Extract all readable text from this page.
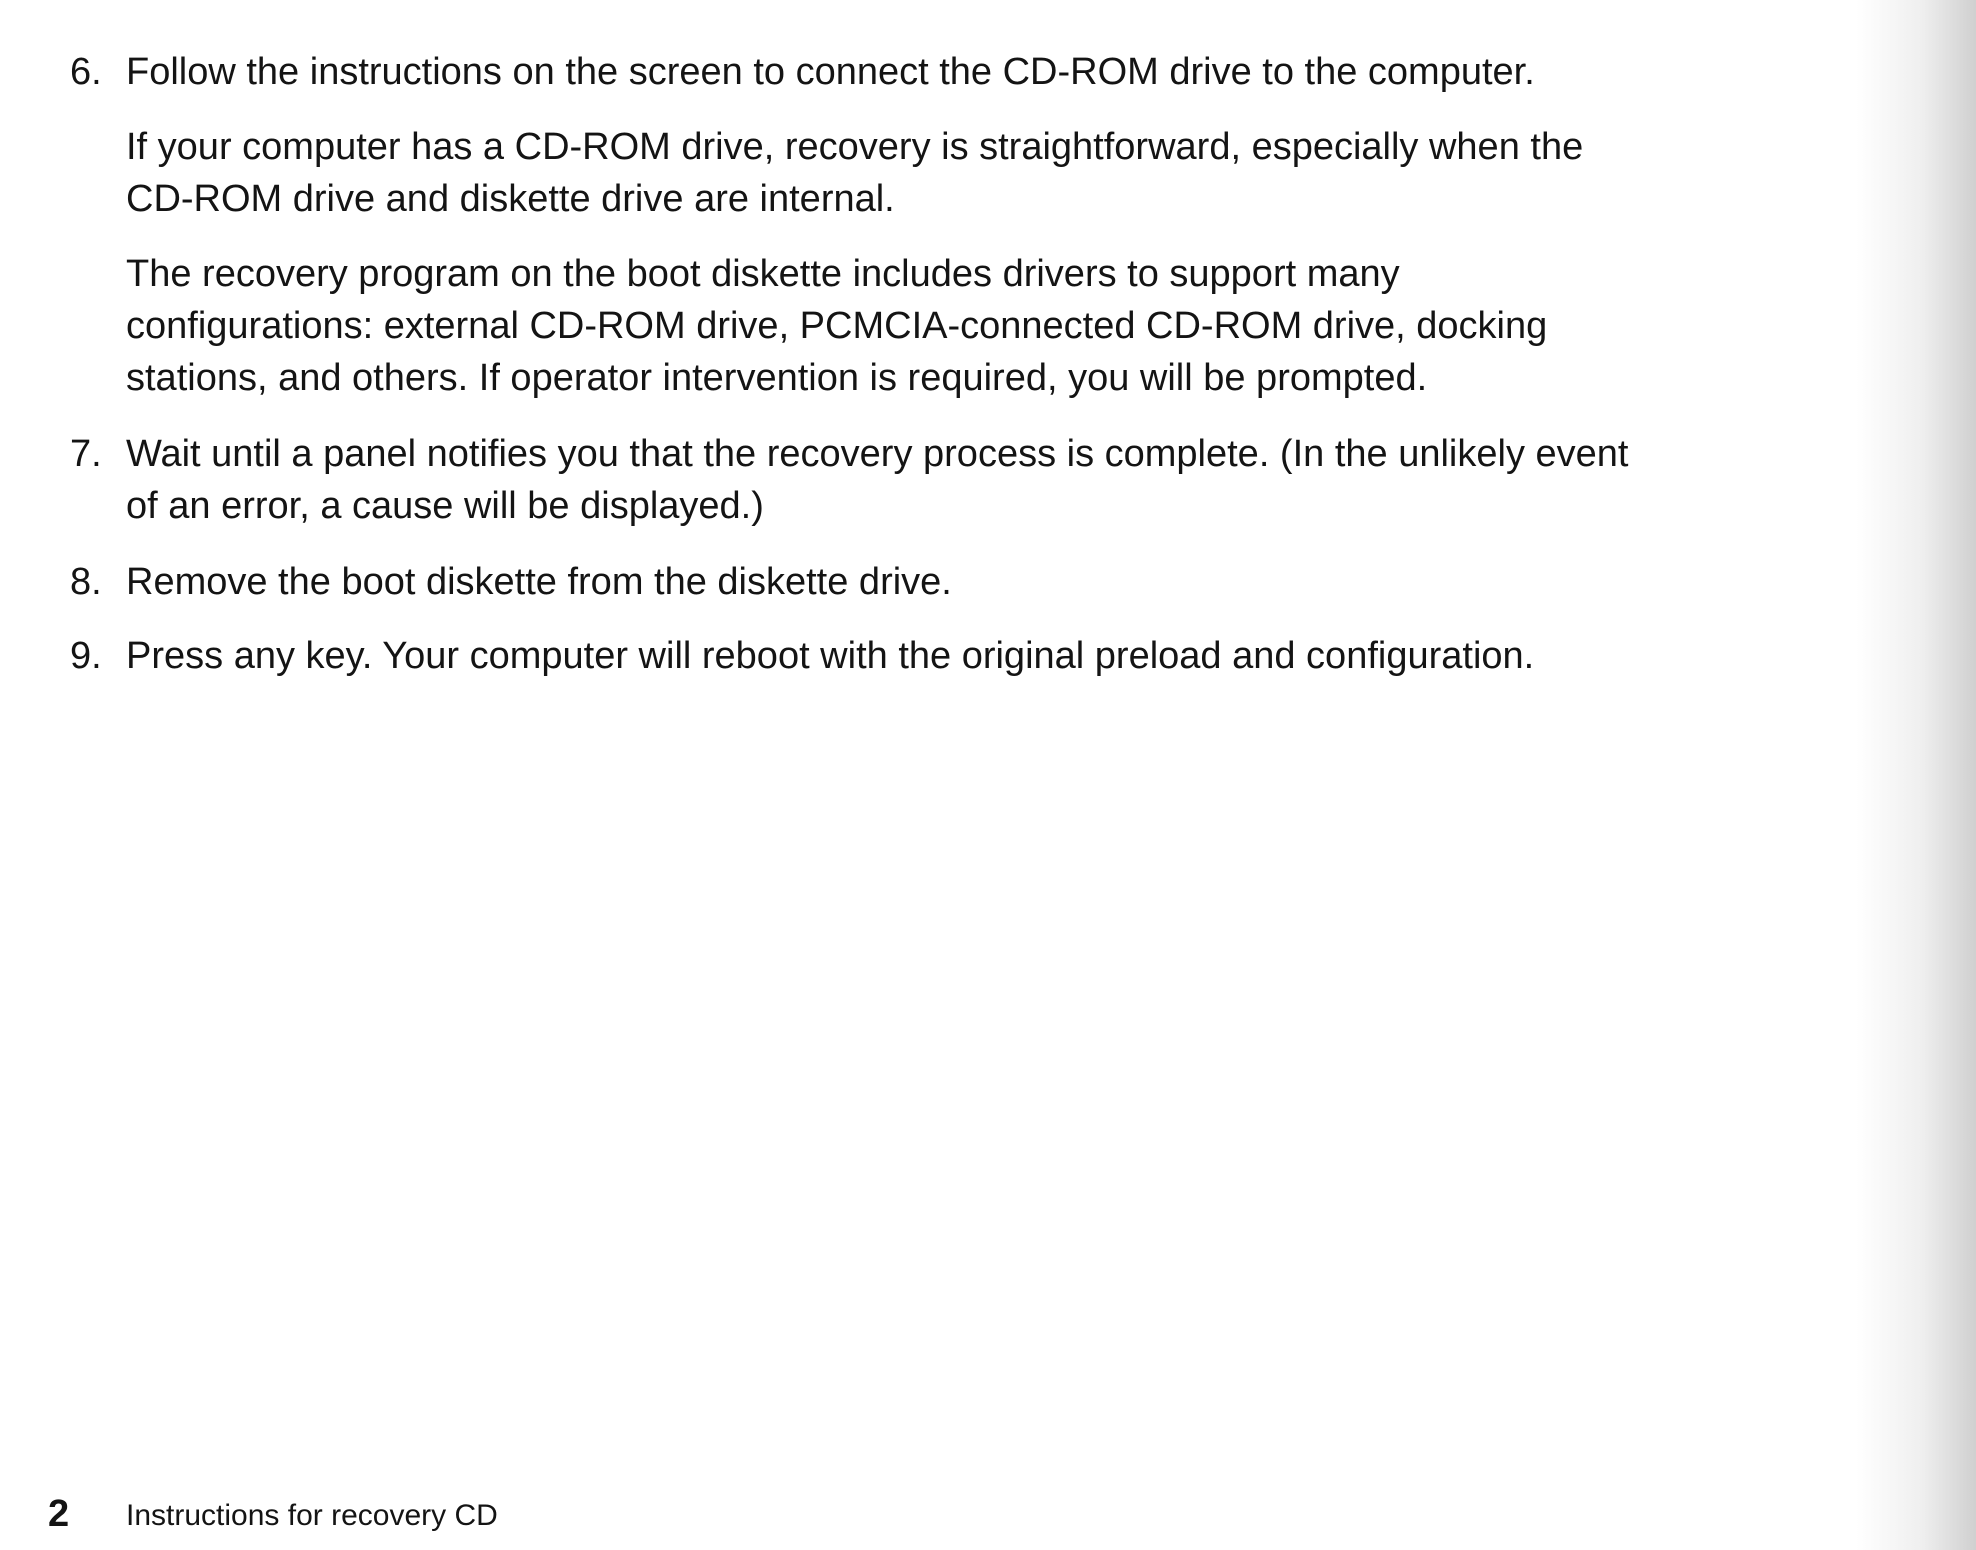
6. Follow the instructions on the screen to connect the CD-ROM drive to the computer.
If your computer has a CD-ROM drive, recovery is straightforward, especially when the
CD-ROM drive and diskette drive are internal.
The recovery program on the boot diskette includes drivers to support many
configurations: external CD-ROM drive, PCMCIA-connected CD-ROM drive, docking
stations, and others. If operator intervention is required, you will be prompted.
7. Wait until a panel notifies you that the recovery process is complete. (In the unlikely event
of an error, a cause will be displayed.)
8. Remove the boot diskette from the diskette drive.
9. Press any key. Your computer will reboot with the original preload and configuration.
2 Instructions for recovery CD
